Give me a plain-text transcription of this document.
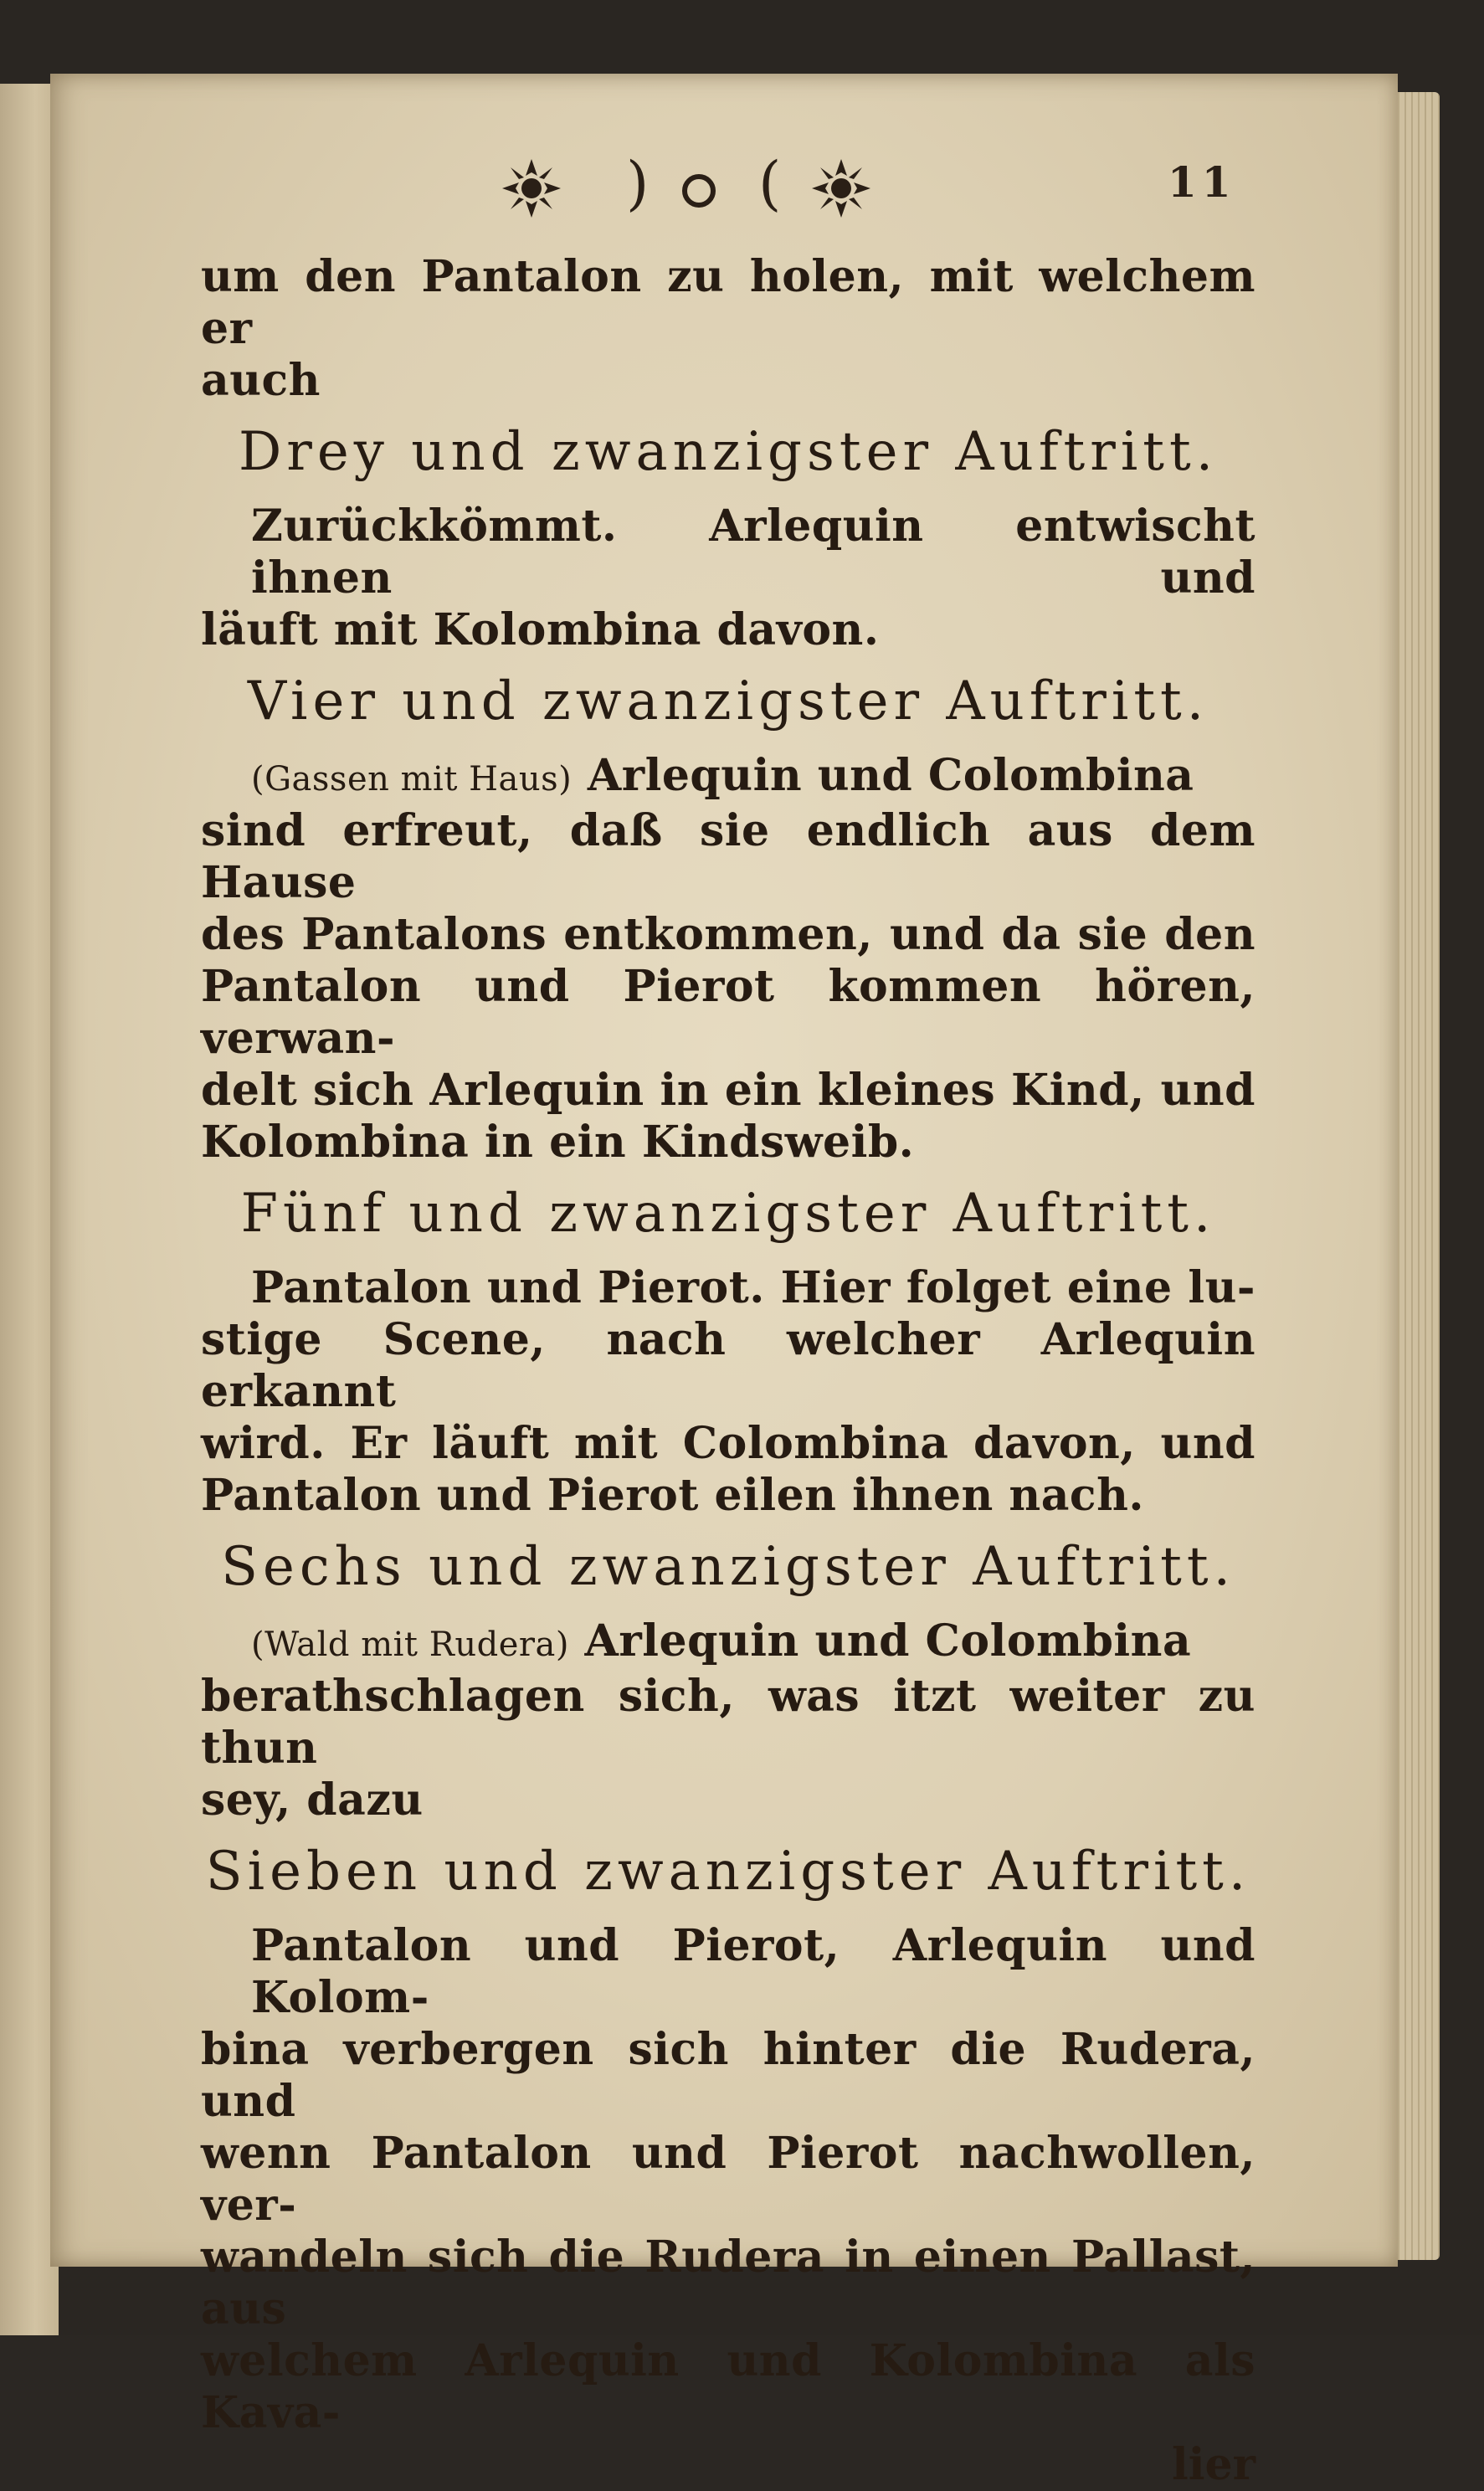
) (	11
um den Pantalon zu holen, mit welchem er
auch
Drey und zwanzigster Auftritt.
Zurückkömmt. Arlequin entwischt ihnen und
läuft mit Kolombina davon.
Vier und zwanzigster Auftritt.
(Gassen mit Haus) Arlequin und Colombina
sind erfreut, daß sie endlich aus dem Hause
des Pantalons entkommen, und da sie den
Pantalon und Pierot kommen hören, verwan-
delt sich Arlequin in ein kleines Kind, und
Kolombina in ein Kindsweib.
Fünf und zwanzigster Auftritt.
Pantalon und Pierot. Hier folget eine lu-
stige Scene, nach welcher Arlequin erkannt
wird. Er läuft mit Colombina davon, und
Pantalon und Pierot eilen ihnen nach.
Sechs und zwanzigster Auftritt.
(Wald mit Rudera) Arlequin und Colombina
berathschlagen sich, was itzt weiter zu thun
sey, dazu
Sieben und zwanzigster Auftritt.
Pantalon und Pierot, Arlequin und Kolom-
bina verbergen sich hinter die Rudera, und
wenn Pantalon und Pierot nachwollen, ver-
wandeln sich die Rudera in einen Pallast, aus
welchem Arlequin und Kolombina als Kava-
lier
